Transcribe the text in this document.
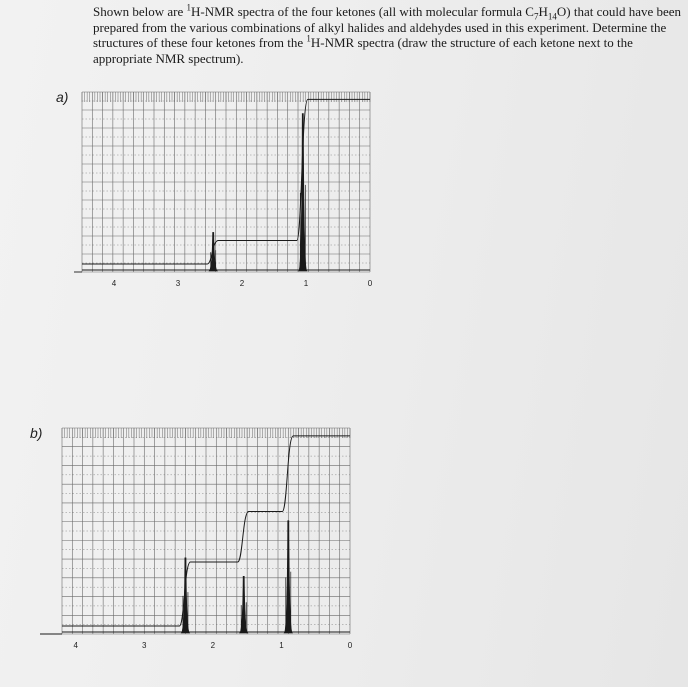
Shown below are $^1$H-NMR spectra of the four ketones (all with molecular formula $C_7H_{14}O$) that could have been prepared from the various combinations of alkyl halides and aldehydes used in this experiment. Determine the structures of these four ketones from the $^1$H-NMR spectra (draw the structure of each ketone next to the appropriate NMR spectrum).

a)
4	3	2	1	0
b)
4	3	2	1	0
